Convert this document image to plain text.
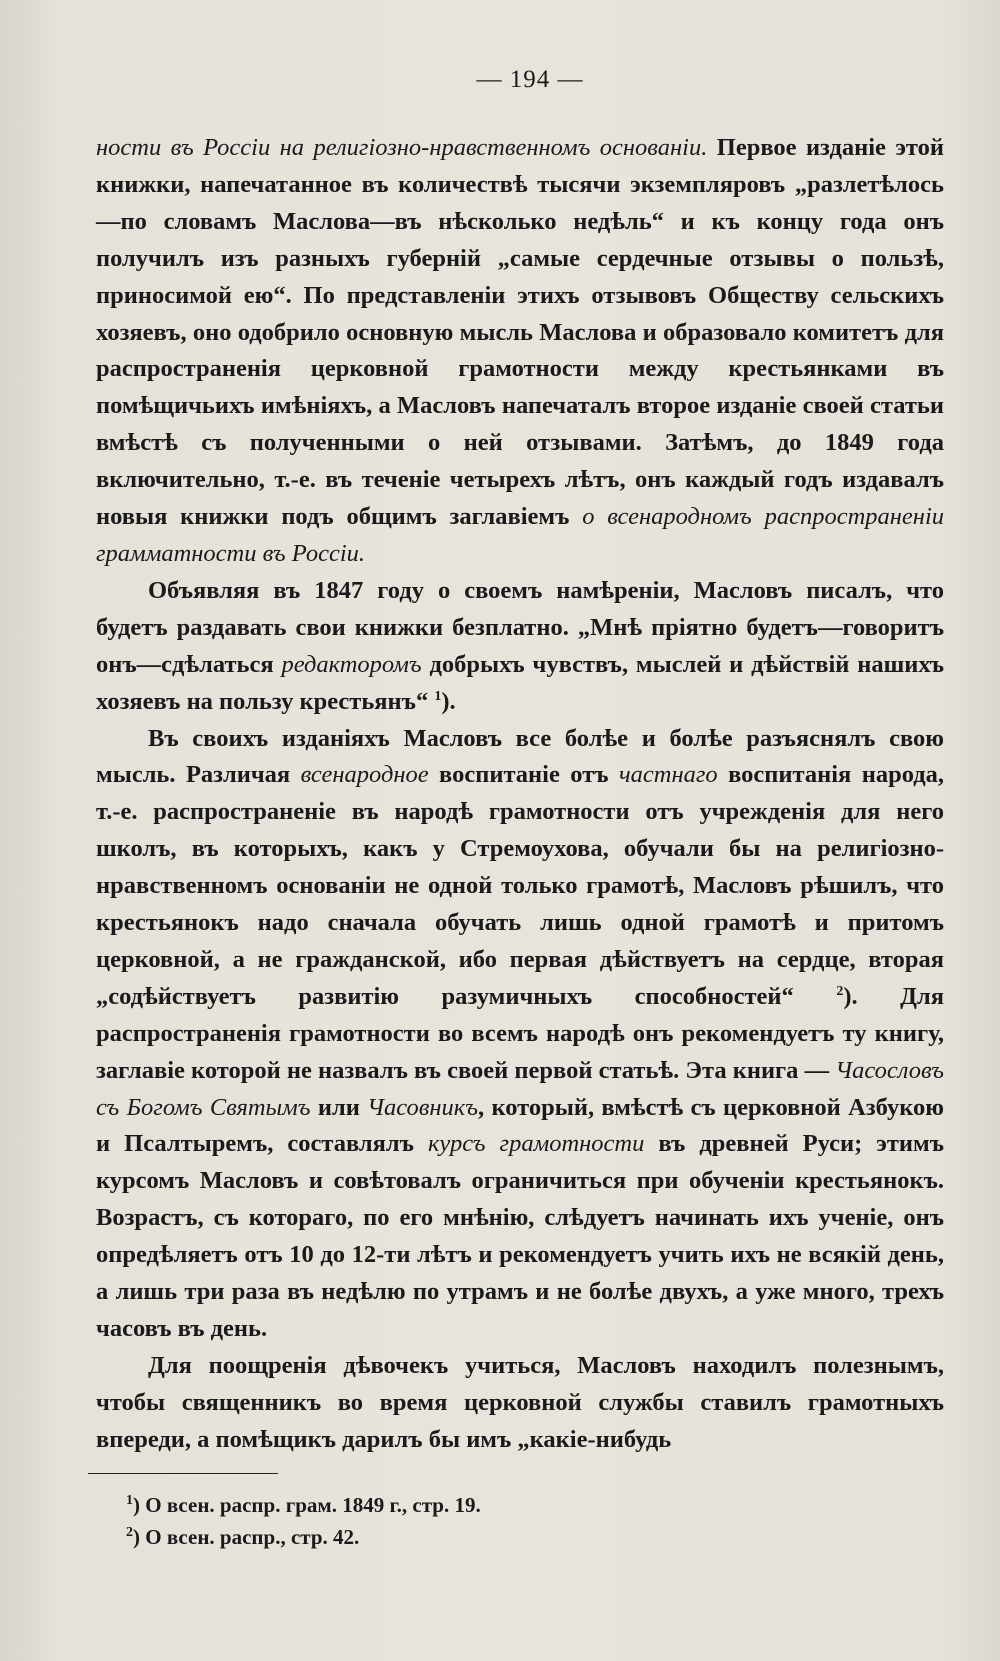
— 194 —

ности въ Россіи на религіозно-нравственномъ основаніи. Первое изданіе этой книжки, напечатанное въ количествѣ тысячи экземпляровъ „разлетѣлось—по словамъ Маслова—въ нѣсколько недѣль“ и къ концу года онъ получилъ изъ разныхъ губерній „самые сердечные отзывы о пользѣ, приносимой ею“. По представленіи этихъ отзывовъ Обществу сельскихъ хозяевъ, оно одобрило основную мысль Маслова и образовало комитетъ для распространенія церковной грамотности между крестьянками въ помѣщичьихъ имѣніяхъ, а Масловъ напечаталъ второе изданіе своей статьи вмѣстѣ съ полученными о ней отзывами. Затѣмъ, до 1849 года включительно, т.-е. въ теченіе четырехъ лѣтъ, онъ каждый годъ издавалъ новыя книжки подъ общимъ заглавіемъ о всенародномъ распространеніи грамматности въ Россіи.

Объявляя въ 1847 году о своемъ намѣреніи, Масловъ писалъ, что будетъ раздавать свои книжки безплатно. „Мнѣ пріятно будетъ—говоритъ онъ—сдѣлаться редакторомъ добрыхъ чувствъ, мыслей и дѣйствій нашихъ хозяевъ на пользу крестьянъ“ $^1$).

Въ своихъ изданіяхъ Масловъ все болѣе и болѣе разъяснялъ свою мысль. Различая всенародное воспитаніе отъ частнаго воспитанія народа, т.-е. распространеніе въ народѣ грамотности отъ учрежденія для него школъ, въ которыхъ, какъ у Стремоухова, обучали бы на религіозно-нравственномъ основаніи не одной только грамотѣ, Масловъ рѣшилъ, что крестьянокъ надо сначала обучать лишь одной грамотѣ и притомъ церковной, а не гражданской, ибо первая дѣйствуетъ на сердце, вторая „содѣйствуетъ развитію разумичныхъ способностей“ $^2$). Для распространенія грамотности во всемъ народѣ онъ рекомендуетъ ту книгу, заглавіе которой не назвалъ въ своей первой статьѣ. Эта книга — Часословъ съ Богомъ Святымъ или Часовникъ, который, вмѣстѣ съ церковной Азбукою и Псалтыремъ, составлялъ курсъ грамотности въ древней Руси; этимъ курсомъ Масловъ и совѣтовалъ ограничиться при обученіи крестьянокъ. Возрастъ, съ котораго, по его мнѣнію, слѣдуетъ начинать ихъ ученіе, онъ опредѣляетъ отъ 10 до 12-ти лѣтъ и рекомендуетъ учить ихъ не всякій день, а лишь три раза въ недѣлю по утрамъ и не болѣе двухъ, а уже много, трехъ часовъ въ день.

Для поощренія дѣвочекъ учиться, Масловъ находилъ полезнымъ, чтобы священникъ во время церковной службы ставилъ грамотныхъ впереди, а помѣщикъ дарилъ бы имъ „какіе-нибудь

$^1$) О всен. распр. грам. 1849 г., стр. 19.

$^2$) О всен. распр., стр. 42.
